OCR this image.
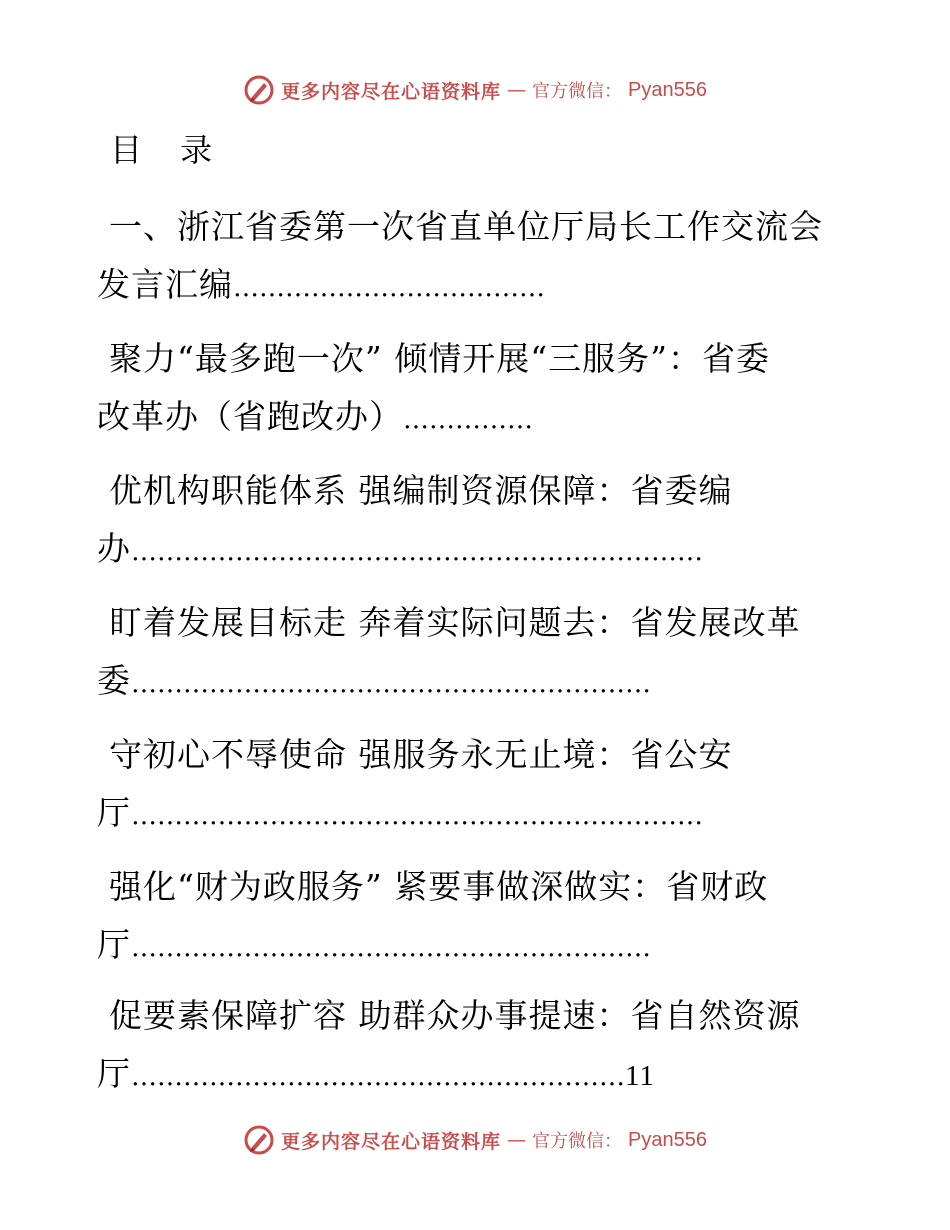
更多内容尽在心语资料库 — 官方微信： Pyan556
目 录
一、浙江省委第一次省直单位厅局长工作交流会
发言汇编………………………………
聚力“最多跑一次” 倾情开展“三服务”：省委
改革办（省跑改办）……………
优机构职能体系 强编制资源保障：省委编
办…………………………………………………………
盯着发展目标走 奔着实际问题去：省发展改革
委……………………………………………………
守初心不辱使命 强服务永无止境：省公安
厅…………………………………………………………
强化“财为政服务” 紧要事做深做实：省财政
厅……………………………………………………
促要素保障扩容 助群众办事提速：省自然资源
厅…………………………………………………11
更多内容尽在心语资料库 — 官方微信： Pyan556
